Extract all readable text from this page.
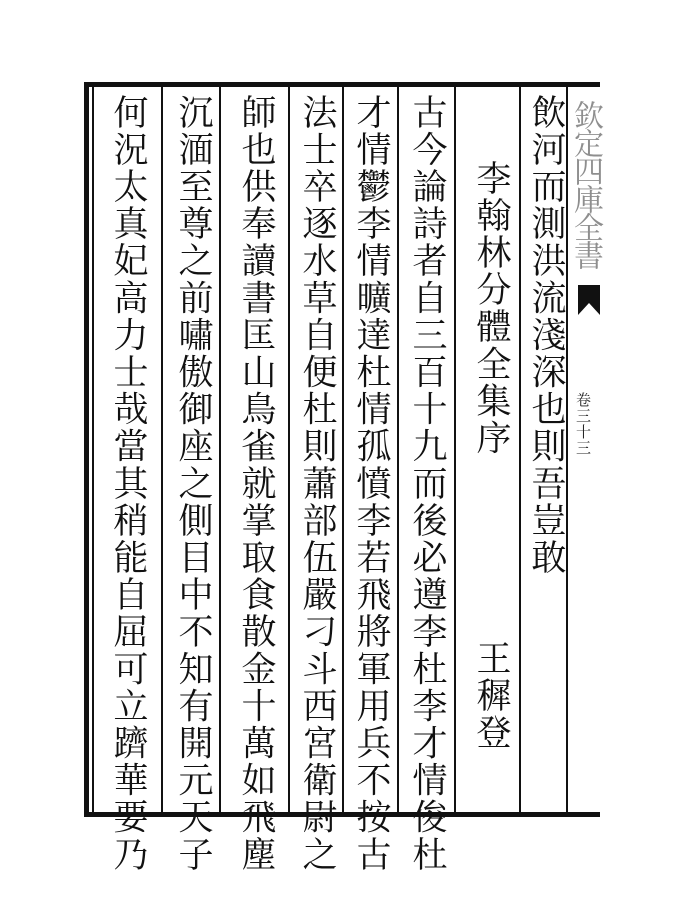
欽定四庫全書
卷三十三
飲河而測洪流淺深也則吾豈敢
李翰林分體全集序
王穉登
古今論詩者自三百十九而後必遵李杜李才情俊杜
才情鬱李情曠達杜情孤憤李若飛將軍用兵不按古
法士卒逐水草自便杜則蕭部伍嚴刁斗西宮衛尉之
師也供奉讀書匡山鳥雀就掌取食散金十萬如飛塵
沉湎至尊之前嘯傲御座之側目中不知有開元天子
何況太真妃高力士哉當其稍能自屈可立躋華要乃
